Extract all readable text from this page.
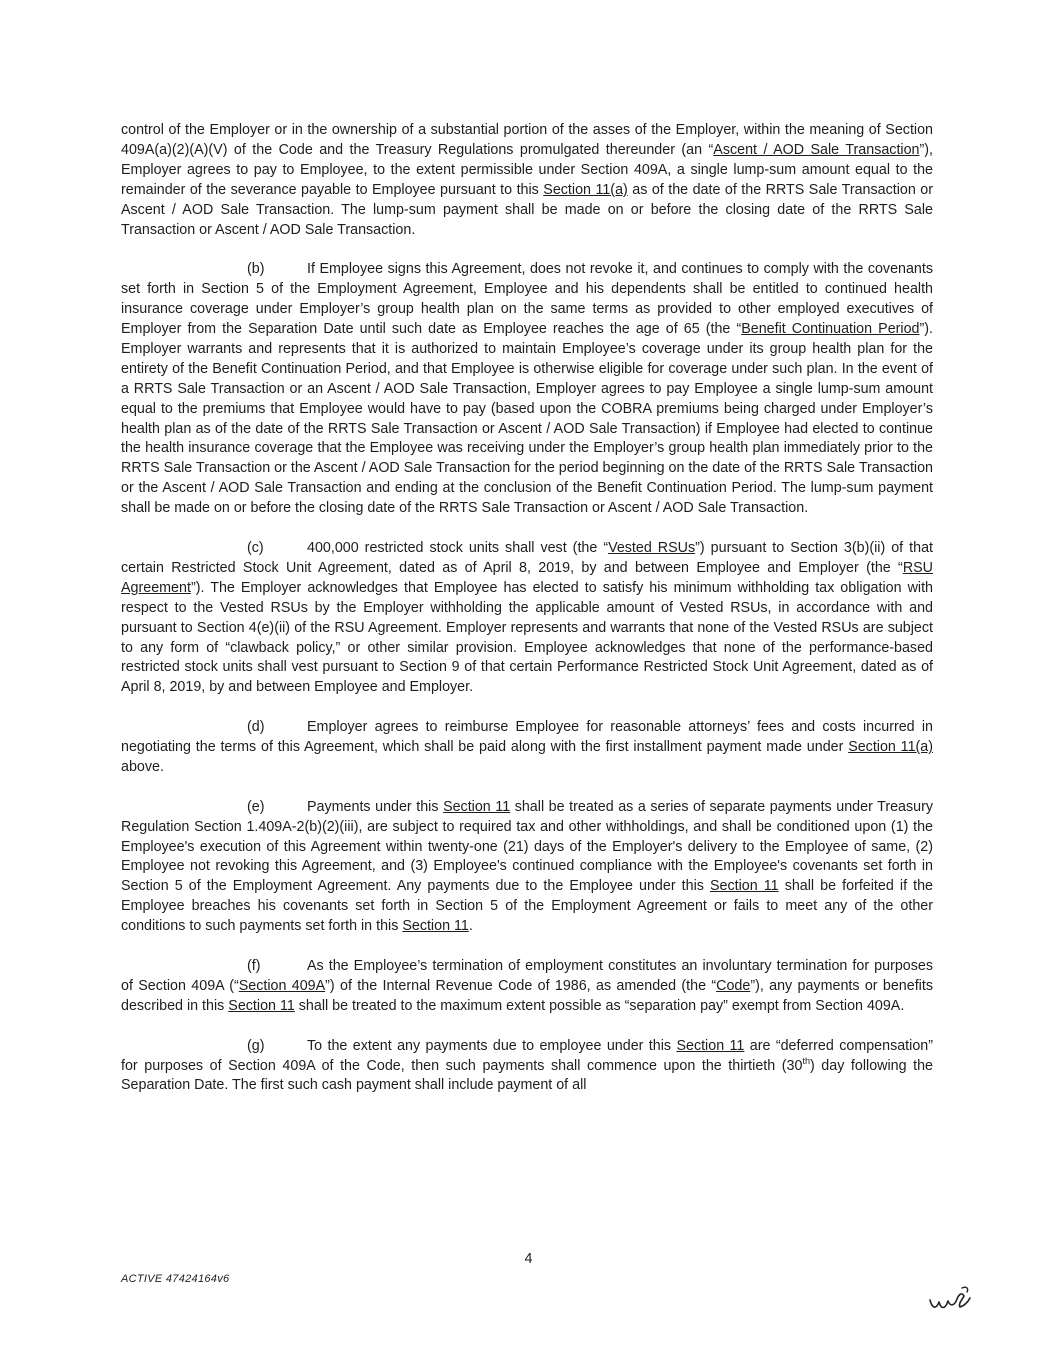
control of the Employer or in the ownership of a substantial portion of the asses of the Employer, within the meaning of Section 409A(a)(2)(A)(V) of the Code and the Treasury Regulations promulgated thereunder (an “Ascent / AOD Sale Transaction”), Employer agrees to pay to Employee, to the extent permissible under Section 409A, a single lump-sum amount equal to the remainder of the severance payable to Employee pursuant to this Section 11(a) as of the date of the RRTS Sale Transaction or Ascent / AOD Sale Transaction. The lump-sum payment shall be made on or before the closing date of the RRTS Sale Transaction or Ascent / AOD Sale Transaction.

(b)	If Employee signs this Agreement, does not revoke it, and continues to comply with the covenants set forth in Section 5 of the Employment Agreement, Employee and his dependents shall be entitled to continued health insurance coverage under Employer’s group health plan on the same terms as provided to other employed executives of Employer from the Separation Date until such date as Employee reaches the age of 65 (the “Benefit Continuation Period”). Employer warrants and represents that it is authorized to maintain Employee’s coverage under its group health plan for the entirety of the Benefit Continuation Period, and that Employee is otherwise eligible for coverage under such plan. In the event of a RRTS Sale Transaction or an Ascent / AOD Sale Transaction, Employer agrees to pay Employee a single lump-sum amount equal to the premiums that Employee would have to pay (based upon the COBRA premiums being charged under Employer’s health plan as of the date of the RRTS Sale Transaction or Ascent / AOD Sale Transaction) if Employee had elected to continue the health insurance coverage that the Employee was receiving under the Employer’s group health plan immediately prior to the RRTS Sale Transaction or the Ascent / AOD Sale Transaction for the period beginning on the date of the RRTS Sale Transaction or the Ascent / AOD Sale Transaction and ending at the conclusion of the Benefit Continuation Period. The lump-sum payment shall be made on or before the closing date of the RRTS Sale Transaction or Ascent / AOD Sale Transaction.

(c)	400,000 restricted stock units shall vest (the “Vested RSUs”) pursuant to Section 3(b)(ii) of that certain Restricted Stock Unit Agreement, dated as of April 8, 2019, by and between Employee and Employer (the “RSU Agreement”). The Employer acknowledges that Employee has elected to satisfy his minimum withholding tax obligation with respect to the Vested RSUs by the Employer withholding the applicable amount of Vested RSUs, in accordance with and pursuant to Section 4(e)(ii) of the RSU Agreement. Employer represents and warrants that none of the Vested RSUs are subject to any form of “clawback policy,” or other similar provision. Employee acknowledges that none of the performance-based restricted stock units shall vest pursuant to Section 9 of that certain Performance Restricted Stock Unit Agreement, dated as of April 8, 2019, by and between Employee and Employer.

(d)	Employer agrees to reimburse Employee for reasonable attorneys’ fees and costs incurred in negotiating the terms of this Agreement, which shall be paid along with the first installment payment made under Section 11(a) above.

(e)	Payments under this Section 11 shall be treated as a series of separate payments under Treasury Regulation Section 1.409A-2(b)(2)(iii), are subject to required tax and other withholdings, and shall be conditioned upon (1) the Employee's execution of this Agreement within twenty-one (21) days of the Employer's delivery to the Employee of same, (2) Employee not revoking this Agreement, and (3) Employee's continued compliance with the Employee's covenants set forth in Section 5 of the Employment Agreement. Any payments due to the Employee under this Section 11 shall be forfeited if the Employee breaches his covenants set forth in Section 5 of the Employment Agreement or fails to meet any of the other conditions to such payments set forth in this Section 11.

(f)	As the Employee’s termination of employment constitutes an involuntary termination for purposes of Section 409A (“Section 409A”) of the Internal Revenue Code of 1986, as amended (the “Code”), any payments or benefits described in this Section 11 shall be treated to the maximum extent possible as “separation pay” exempt from Section 409A.

(g)	To the extent any payments due to employee under this Section 11 are “deferred compensation” for purposes of Section 409A of the Code, then such payments shall commence upon the thirtieth (30th) day following the Separation Date. The first such cash payment shall include payment of all

4
ACTIVE 47424164v6
